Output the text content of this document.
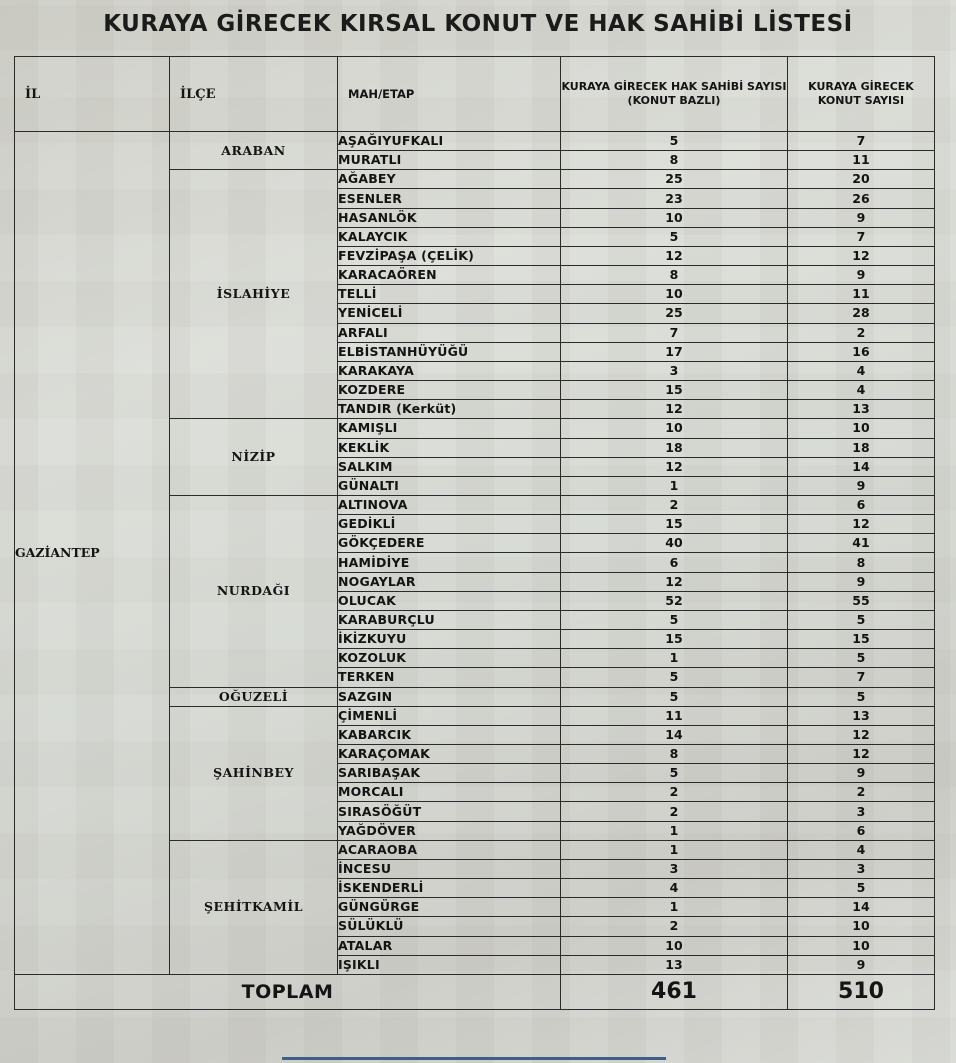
KURAYA GİRECEK KIRSAL KONUT VE HAK SAHİBİ LİSTESİ
İL	İLÇE	MAH/ETAP	KURAYA GİRECEK HAK SAHİBİ SAYISI (KONUT BAZLI)	KURAYA GİRECEK KONUT SAYISI
GAZİANTEP	ARABAN	AŞAĞIYUFKALI	5	7
		MURATLI	8	11
	İSLAHİYE	AĞABEY	25	20
		ESENLER	23	26
		HASANLÖK	10	9
		KALAYCIK	5	7
		FEVZİPAŞA (ÇELİK)	12	12
		KARACAÖREN	8	9
		TELLİ	10	11
		YENİCELİ	25	28
		ARFALI	7	2
		ELBİSTANHÜYÜĞÜ	17	16
		KARAKAYA	3	4
		KOZDERE	15	4
		TANDIR (Kerküt)	12	13
	NİZİP	KAMIŞLI	10	10
		KEKLİK	18	18
		SALKIM	12	14
		GÜNALTI	1	9
	NURDAĞI	ALTINOVA	2	6
		GEDİKLİ	15	12
		GÖKÇEDERE	40	41
		HAMİDİYE	6	8
		NOGAYLAR	12	9
		OLUCAK	52	55
		KARABURÇLU	5	5
		İKİZKUYU	15	15
		KOZOLUK	1	5
		TERKEN	5	7
	OĞUZELİ	SAZGIN	5	5
	ŞAHİNBEY	ÇİMENLİ	11	13
		KABARCIK	14	12
		KARAÇOMAK	8	12
		SARIBAŞAK	5	9
		MORCALI	2	2
		SIRASÖĞÜT	2	3
		YAĞDÖVER	1	6
	ŞEHİTKAMİL	ACARAOBA	1	4
		İNCESU	3	3
		İSKENDERLİ	4	5
		GÜNGÜRGE	1	14
		SÜLÜKLÜ	2	10
		ATALAR	10	10
		IŞIKLI	13	9
TOPLAM			461	510
